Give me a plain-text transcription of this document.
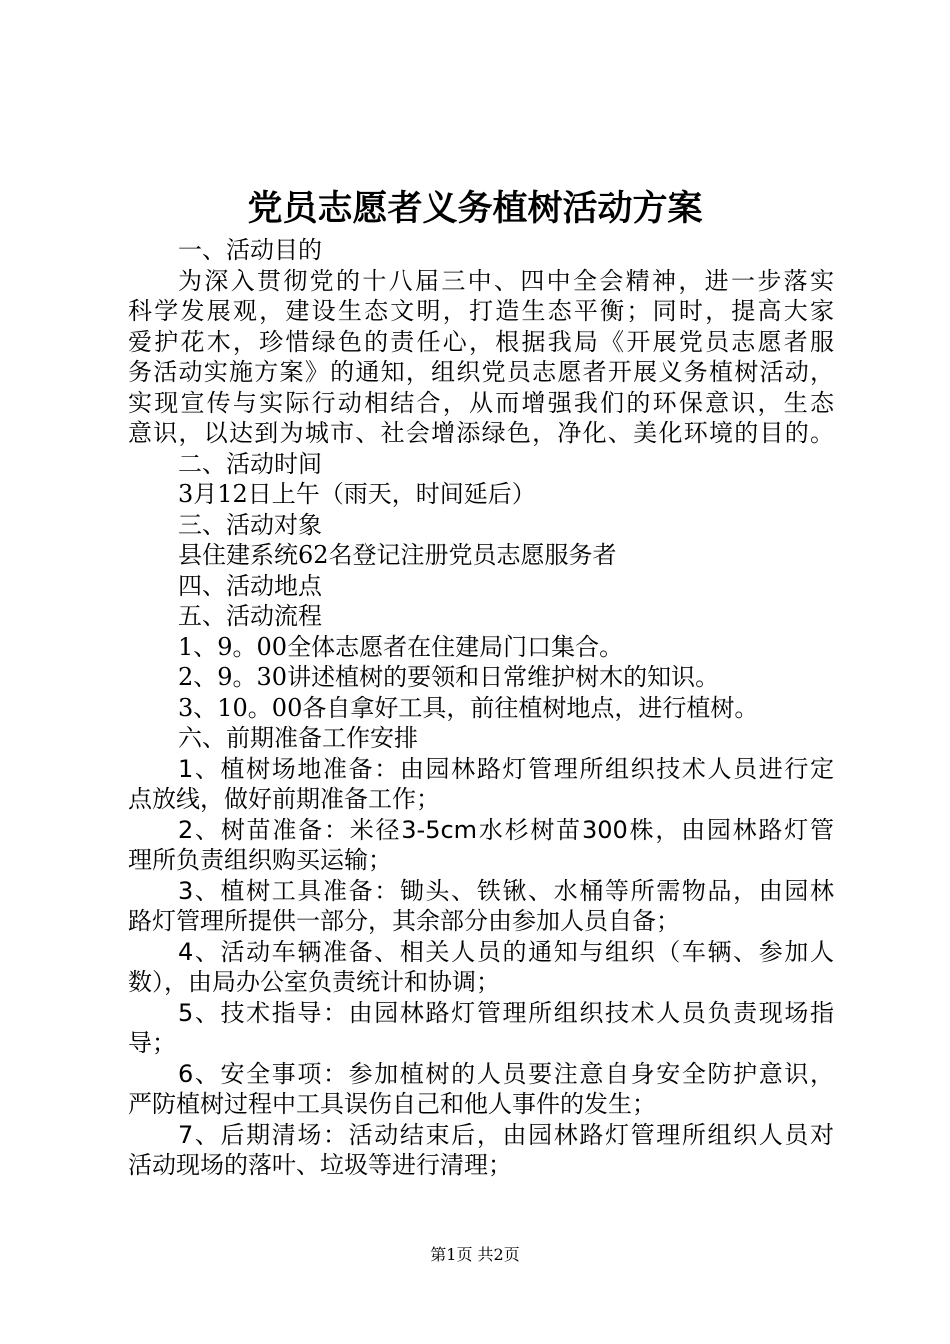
党员志愿者义务植树活动方案
一、活动目的
为深入贯彻党的十八届三中、四中全会精神，进一步落实
科学发展观，建设生态文明，打造生态平衡；同时，提高大家
爱护花木，珍惜绿色的责任心，根据我局《开展党员志愿者服
务活动实施方案》的通知，组织党员志愿者开展义务植树活动，
实现宣传与实际行动相结合，从而增强我们的环保意识，生态
意识，以达到为城市、社会增添绿色，净化、美化环境的目的。
二、活动时间
3月12日上午（雨天，时间延后）
三、活动对象
县住建系统62名登记注册党员志愿服务者
四、活动地点
五、活动流程
1、9。00全体志愿者在住建局门口集合。
2、9。30讲述植树的要领和日常维护树木的知识。
3、10。00各自拿好工具，前往植树地点，进行植树。
六、前期准备工作安排
1、植树场地准备：由园林路灯管理所组织技术人员进行定
点放线，做好前期准备工作；
2、树苗准备：米径3-5cm水杉树苗300株，由园林路灯管
理所负责组织购买运输；
3、植树工具准备：锄头、铁锹、水桶等所需物品，由园林
路灯管理所提供一部分，其余部分由参加人员自备；
4、活动车辆准备、相关人员的通知与组织（车辆、参加人
数），由局办公室负责统计和协调；
5、技术指导：由园林路灯管理所组织技术人员负责现场指
导；
6、安全事项：参加植树的人员要注意自身安全防护意识，
严防植树过程中工具误伤自己和他人事件的发生；
7、后期清场：活动结束后，由园林路灯管理所组织人员对
活动现场的落叶、垃圾等进行清理；
第1页 共2页
